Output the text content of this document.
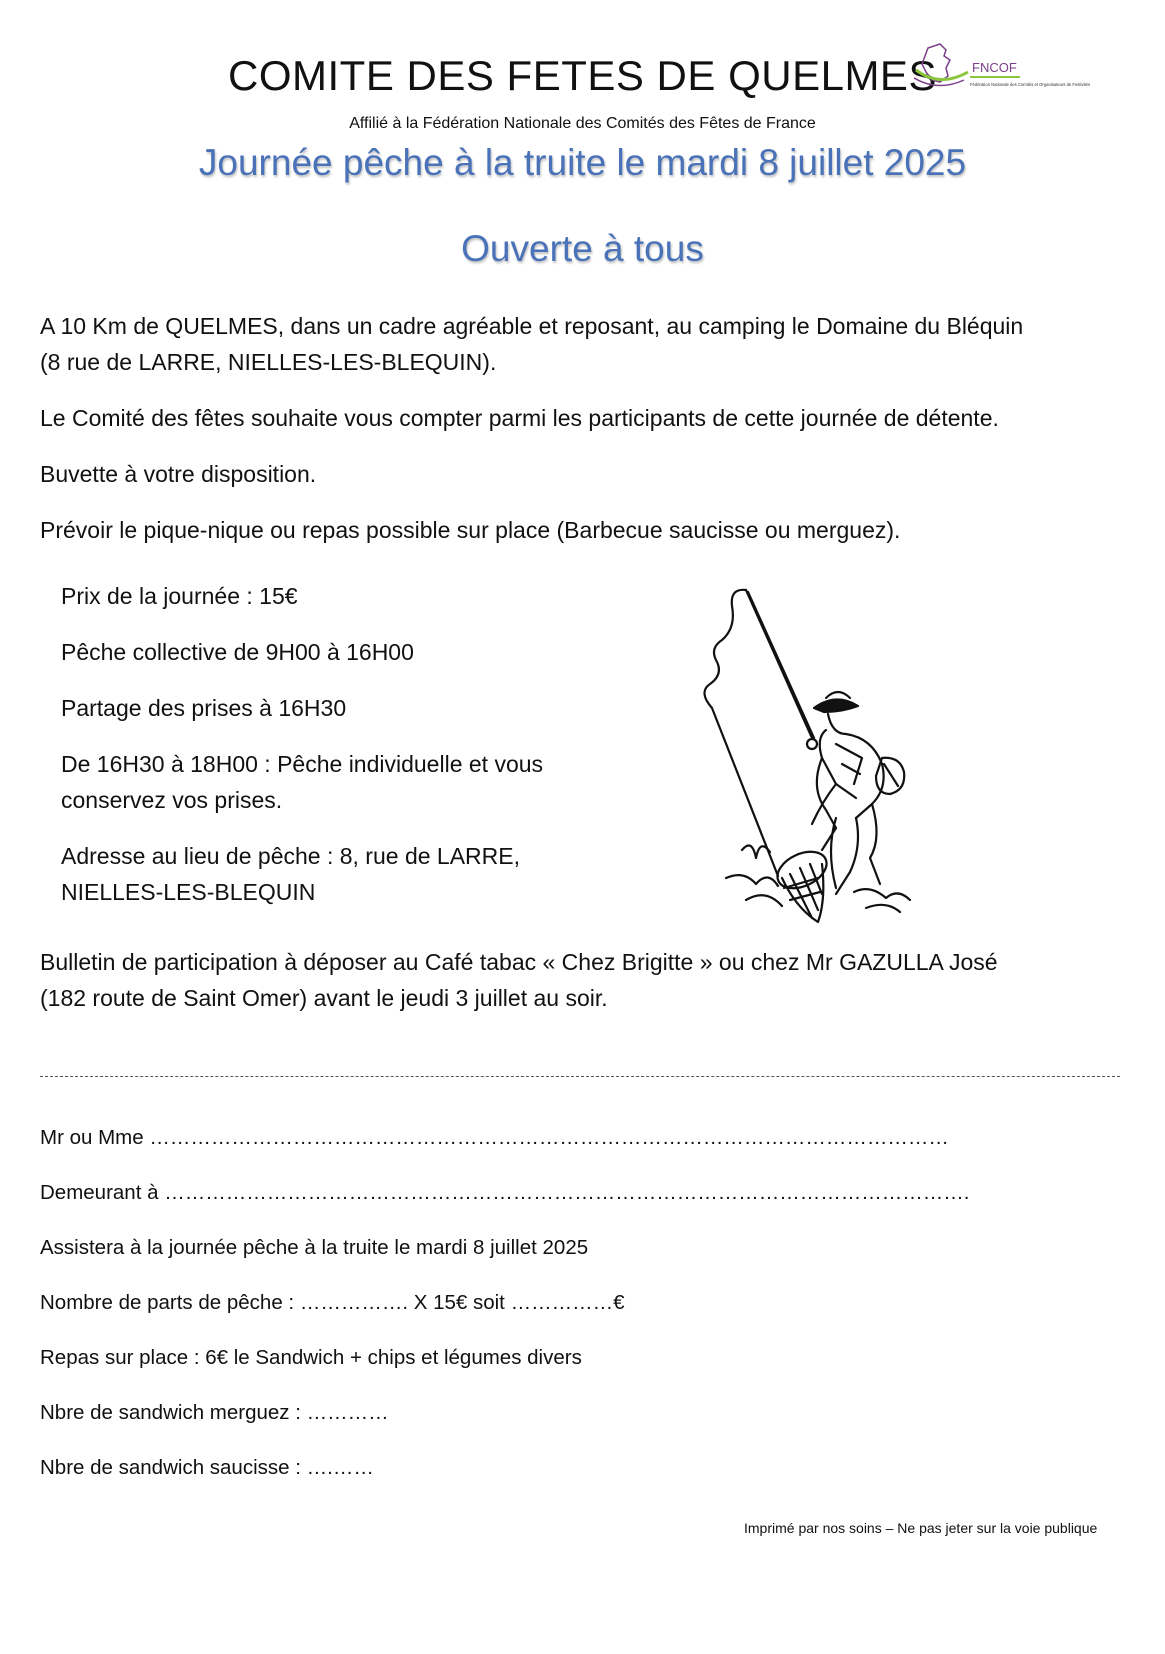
COMITE DES FETES DE QUELMES	FNCOF
Fédération Nationale des Comités et Organisateurs de Festivités
Affilié à la Fédération Nationale des Comités des Fêtes de France
Journée pêche à la truite le mardi 8 juillet 2025
Ouverte à tous
A 10 Km de QUELMES, dans un cadre agréable et reposant, au camping le Domaine du Bléquin
(8 rue de LARRE, NIELLES-LES-BLEQUIN).
Le Comité des fêtes souhaite vous compter parmi les participants de cette journée de détente.
Buvette à votre disposition.
Prévoir le pique-nique ou repas possible sur place (Barbecue saucisse ou merguez).
Prix de la journée : 15€
Pêche collective de 9H00 à 16H00
Partage des prises à 16H30
De 16H30 à 18H00 : Pêche individuelle et vous
conservez vos prises.
Adresse au lieu de pêche : 8, rue de LARRE,
NIELLES-LES-BLEQUIN
Bulletin de participation à déposer au Café tabac « Chez Brigitte » ou chez Mr GAZULLA José
(182 route de Saint Omer) avant le jeudi 3 juillet au soir.
Mr ou Mme ………………………………………………………………………………………………………
Demeurant à ……………………………………………………………………………………………………….
Assistera à la journée pêche à la truite le mardi 8 juillet 2025
Nombre de parts de pêche : ……………. X 15€ soit ……………€
Repas sur place : 6€ le Sandwich + chips et légumes divers
Nbre de sandwich merguez : …………
Nbre de sandwich saucisse : ….……
Imprimé par nos soins – Ne pas jeter sur la voie publique
